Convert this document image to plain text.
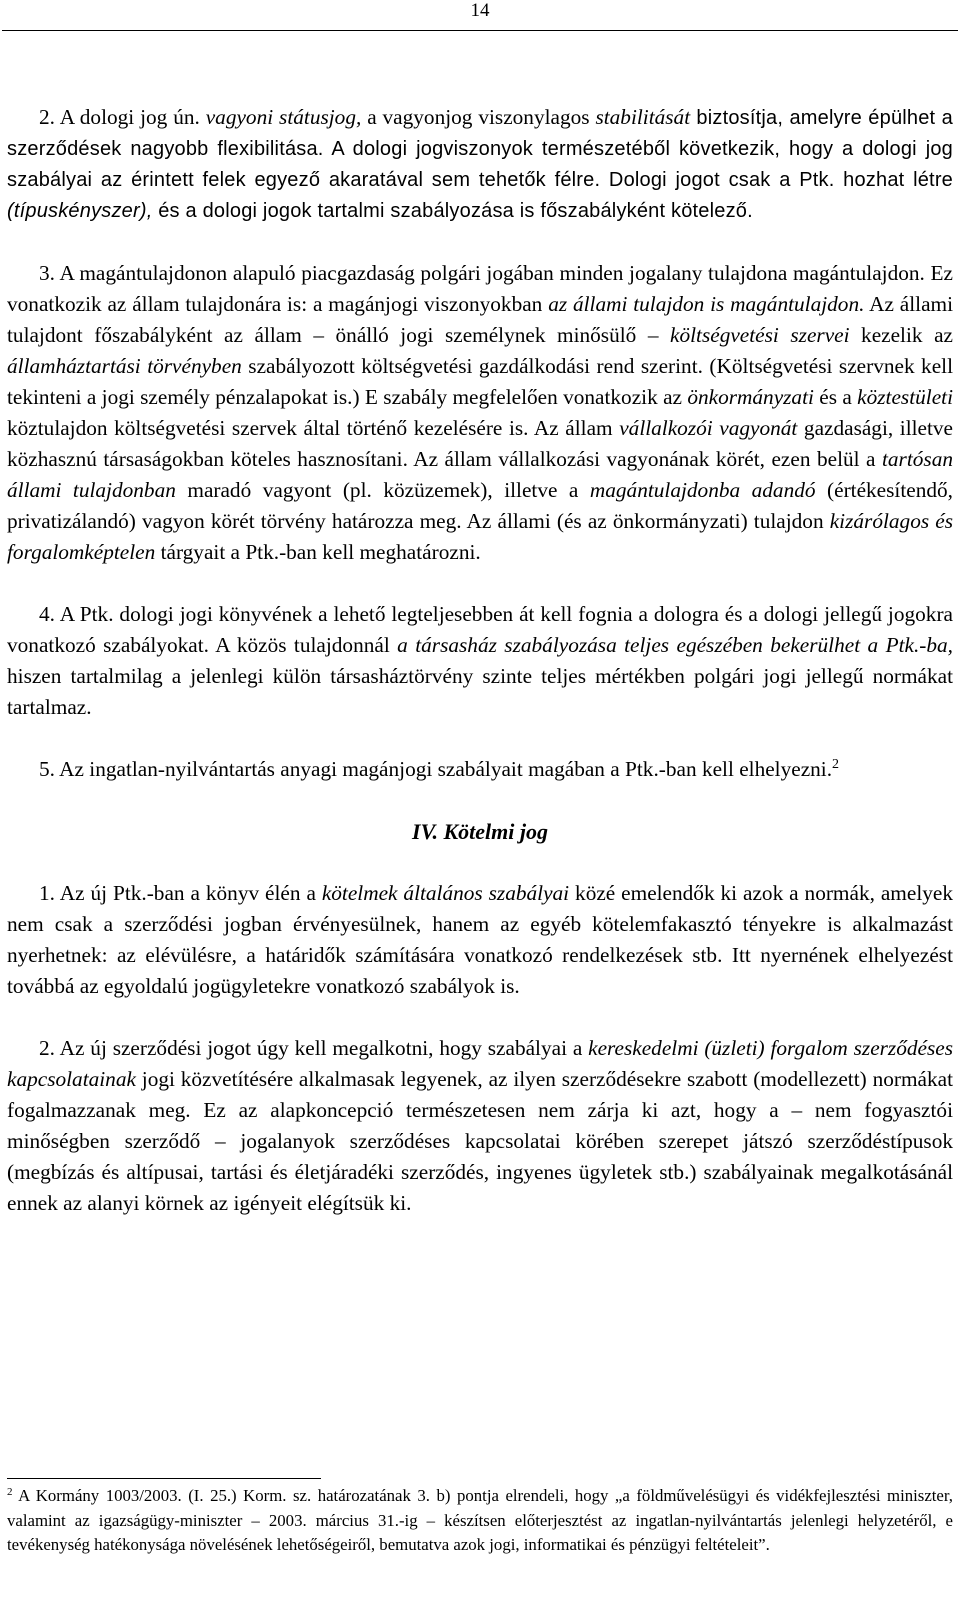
14

2. A dologi jog ún. vagyoni státusjog, a vagyonjog viszonylagos stabilitását biztosítja, amelyre épülhet a szerződések nagyobb flexibilitása. A dologi jogviszonyok természetéből következik, hogy a dologi jog szabályai az érintett felek egyező akaratával sem tehetők félre. Dologi jogot csak a Ptk. hozhat létre (típuskényszer), és a dologi jogok tartalmi szabályozása is főszabályként kötelező.

3. A magántulajdonon alapuló piacgazdaság polgári jogában minden jogalany tulajdona magántulajdon. Ez vonatkozik az állam tulajdonára is: a magánjogi viszonyokban az állami tulajdon is magántulajdon. Az állami tulajdont főszabályként az állam – önálló jogi személynek minősülő – költségvetési szervei kezelik az államháztartási törvényben szabályozott költségvetési gazdálkodási rend szerint. (Költségvetési szervnek kell tekinteni a jogi személy pénzalapokat is.) E szabály megfelelően vonatkozik az önkormányzati és a köztestületi köztulajdon költségvetési szervek által történő kezelésére is. Az állam vállalkozói vagyonát gazdasági, illetve közhasznú társaságokban köteles hasznosítani. Az állam vállalkozási vagyonának körét, ezen belül a tartósan állami tulajdonban maradó vagyont (pl. közüzemek), illetve a magántulajdonba adandó (értékesítendő, privatizálandó) vagyon körét törvény határozza meg. Az állami (és az önkormányzati) tulajdon kizárólagos és forgalomképtelen tárgyait a Ptk.-ban kell meghatározni.

4. A Ptk. dologi jogi könyvének a lehető legteljesebben át kell fognia a dologra és a dologi jellegű jogokra vonatkozó szabályokat. A közös tulajdonnál a társasház szabályozása teljes egészében bekerülhet a Ptk.-ba, hiszen tartalmilag a jelenlegi külön társasháztörvény szinte teljes mértékben polgári jogi jellegű normákat tartalmaz.

5. Az ingatlan-nyilvántartás anyagi magánjogi szabályait magában a Ptk.-ban kell elhelyezni.$^2$

IV. Kötelmi jog

1. Az új Ptk.-ban a könyv élén a kötelmek általános szabályai közé emelendők ki azok a normák, amelyek nem csak a szerződési jogban érvényesülnek, hanem az egyéb kötelemfakasztó tényekre is alkalmazást nyerhetnek: az elévülésre, a határidők számítására vonatkozó rendelkezések stb. Itt nyernének elhelyezést továbbá az egyoldalú jogügyletekre vonatkozó szabályok is.

2. Az új szerződési jogot úgy kell megalkotni, hogy szabályai a kereskedelmi (üzleti) forgalom szerződéses kapcsolatainak jogi közvetítésére alkalmasak legyenek, az ilyen szerződésekre szabott (modellezett) normákat fogalmazzanak meg. Ez az alapkoncepció természetesen nem zárja ki azt, hogy a – nem fogyasztói minőségben szerződő – jogalanyok szerződéses kapcsolatai körében szerepet játszó szerződéstípusok (megbízás és altípusai, tartási és életjáradéki szerződés, ingyenes ügyletek stb.) szabályainak megalkotásánál ennek az alanyi körnek az igényeit elégítsük ki.

$^2$ A Kormány 1003/2003. (I. 25.) Korm. sz. határozatának 3. b) pontja elrendeli, hogy „a földművelésügyi és vidékfejlesztési miniszter, valamint az igazságügy-miniszter – 2003. március 31.-ig – készítsen előterjesztést az ingatlan-nyilvántartás jelenlegi helyzetéről, e tevékenység hatékonysága növelésének lehetőségeiről, bemutatva azok jogi, informatikai és pénzügyi feltételeit”.
